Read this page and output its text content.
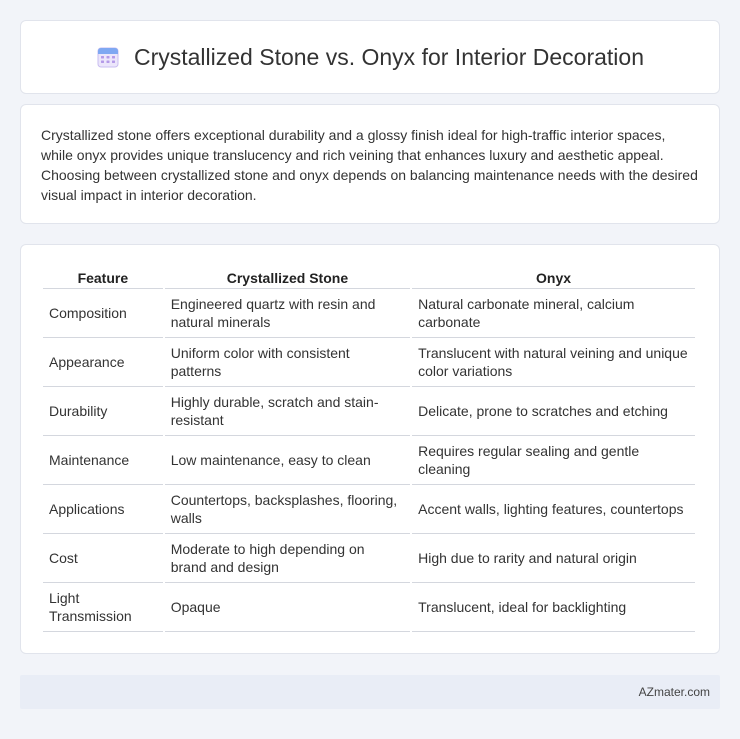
Crystallized Stone vs. Onyx for Interior Decoration

Crystallized stone offers exceptional durability and a glossy finish ideal for high-traffic interior spaces, while onyx provides unique translucency and rich veining that enhances luxury and aesthetic appeal. Choosing between crystallized stone and onyx depends on balancing maintenance needs with the desired visual impact in interior decoration.

Feature	Crystallized Stone	Onyx
Composition	Engineered quartz with resin and natural minerals	Natural carbonate mineral, calcium carbonate
Appearance	Uniform color with consistent patterns	Translucent with natural veining and unique color variations
Durability	Highly durable, scratch and stain-resistant	Delicate, prone to scratches and etching
Maintenance	Low maintenance, easy to clean	Requires regular sealing and gentle cleaning
Applications	Countertops, backsplashes, flooring, walls	Accent walls, lighting features, countertops
Cost	Moderate to high depending on brand and design	High due to rarity and natural origin
Light Transmission	Opaque	Translucent, ideal for backlighting
AZmater.com
